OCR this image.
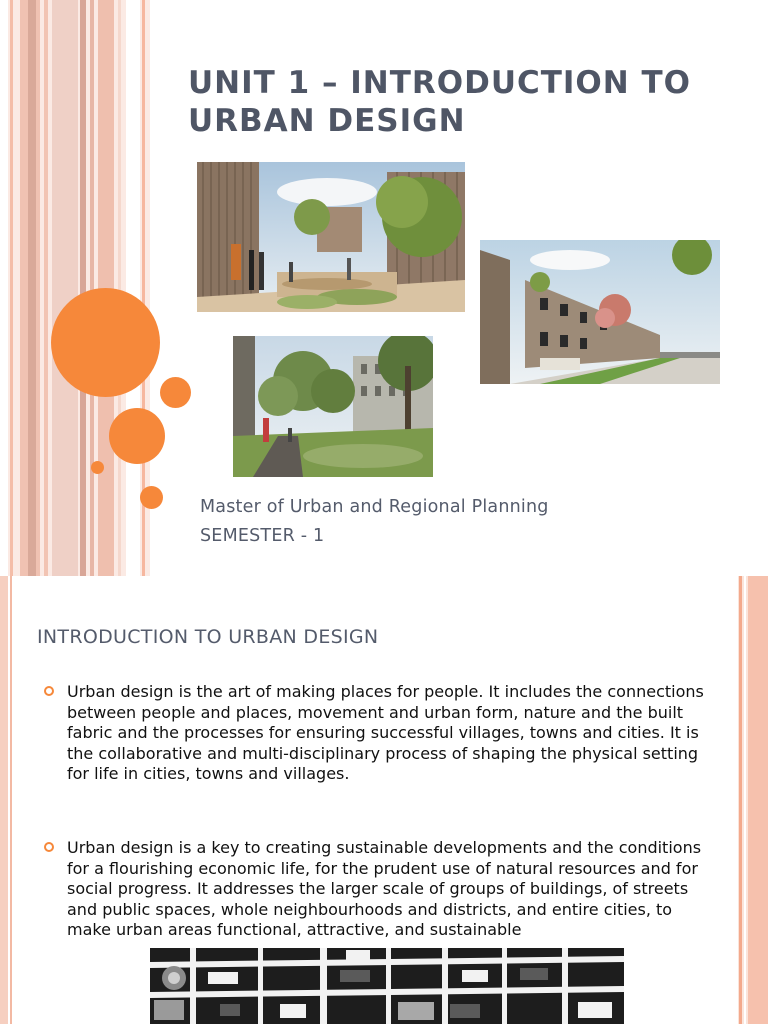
UNIT 1 – INTRODUCTION TO
URBAN DESIGN
Master of Urban and Regional Planning
SEMESTER - 1
INTRODUCTION TO URBAN DESIGN
Urban design is the art of making places for people. It includes the connections between people and places, movement and urban form, nature and the built fabric and the processes for ensuring successful villages, towns and cities. It is the collaborative and multi-disciplinary process of shaping the physical setting for life in cities, towns and villages.
Urban design is a key to creating sustainable developments and the conditions for a flourishing economic life, for the prudent use of natural resources and for social progress. It addresses the larger scale of groups of buildings, of streets and public spaces, whole neighbourhoods and districts, and entire cities, to make urban areas functional, attractive, and sustainable
